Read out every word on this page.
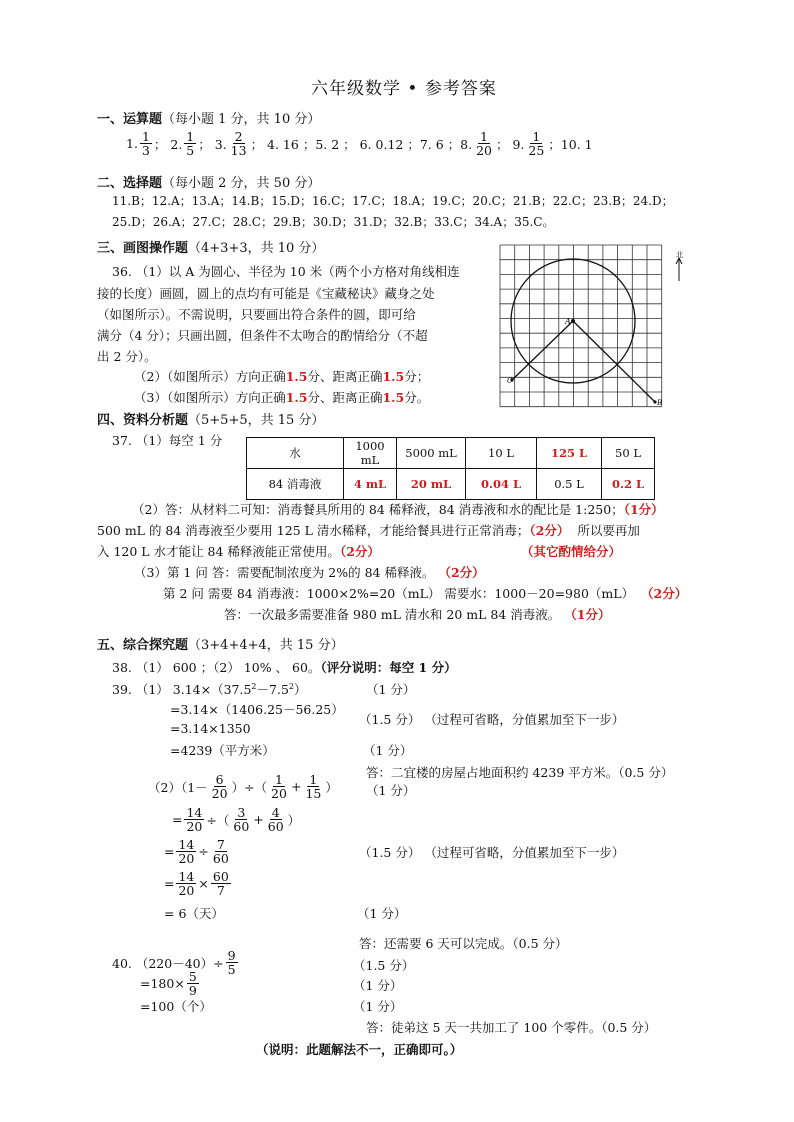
六年级数学 • 参考答案
一、运算题（每小题 1 分，共 10 分）
1. $\frac{1}{3}$ ； 2. $\frac{1}{5}$ ； 3. $\frac{2}{13}$ ； 4. 16 ；5. 2 ； 6. 0.12 ；7. 6 ；8. $\frac{1}{20}$ ； 9. $\frac{1}{25}$ ；10. 1
二、选择题（每小题 2 分，共 50 分）
11.B；12.A；13.A；14.B；15.D；16.C；17.C；18.A；19.C；20.C；21.B；22.C；23.B；24.D；
25.D；26.A；27.C；28.C；29.B；30.D；31.D；32.B；33.C；34.A；35.C。
三、画图操作题（4+3+3，共 10 分）
36. （1）以 A 为圆心、半径为 10 米（两个小方格对角线相连
接的长度）画圆，圆上的点均有可能是《宝藏秘诀》藏身之处
（如图所示）。不需说明，只要画出符合条件的圆，即可给
满分（4 分）；只画出圆，但条件不太吻合的酌情给分（不超
出 2 分）。
（2）（如图所示）方向正确1.5分、距离正确1.5分；
（3）（如图所示）方向正确1.5分、距离正确1.5分。
A
C
B
北
四、资料分析题（5+5+5，共 15 分）
37. （1）每空 1 分
水	1000 mL	5000 mL	10 L	125 L	50 L
84 消毒液	4 mL	20 mL	0.04 L	0.5 L	0.2 L
（2）答：从材料二可知：消毒餐具所用的 84 稀释液，84 消毒液和水的配比是 1:250；（1分）
500 mL 的 84 消毒液至少要用 125 L 清水稀释，才能给餐具进行正常消毒；（2分） 所以要再加
入 120 L 水才能让 84 稀释液能正常使用。（2分）	（其它酌情给分）
（3）第 1 问 答：需要配制浓度为 2%的 84 稀释液。 （2分）
第 2 问 需要 84 消毒液：1000×2%=20（mL） 需要水：1000－20=980（mL） （2分）
答：一次最多需要准备 980 mL 清水和 20 mL 84 消毒液。 （1分）
五、综合探究题（3+4+4+4，共 15 分）
38. （1） 600 ；（2） 10% 、 60。（评分说明：每空 1 分）
39. （1） $3.14\times(37.5^2-7.5^2)$	（1 分）
=3.14×（1406.25－56.25）
（1.5 分） （过程可省略，分值累加至下一步）
=3.14×1350
=4239（平方米）	（1 分）
答：二宜楼的房屋占地面积约 4239 平方米。（0.5 分）
$(2)(1- \frac{6}{20}$ ）÷（ $\frac{1}{20} + \frac{1}{15}$ ） （1 分）
= $\frac{14}{20}$ ÷（ $\frac{3}{60} + \frac{4}{60}$ ）
= $\frac{14}{20} \div \frac{7}{60}$	（1.5 分） （过程可省略，分值累加至下一步）
= $\frac{14}{20} \times \frac{60}{7}$
= 6（天）	（1 分）
答：还需要 6 天可以完成。（0.5 分）
40. $(220-40)\div \frac{9}{5}$	（1.5 分）
$=180\times \frac{5}{9}$	（1 分）
=100（个）	（1 分）
答：徒弟这 5 天一共加工了 100 个零件。（0.5 分）
（说明：此题解法不一，正确即可。）
